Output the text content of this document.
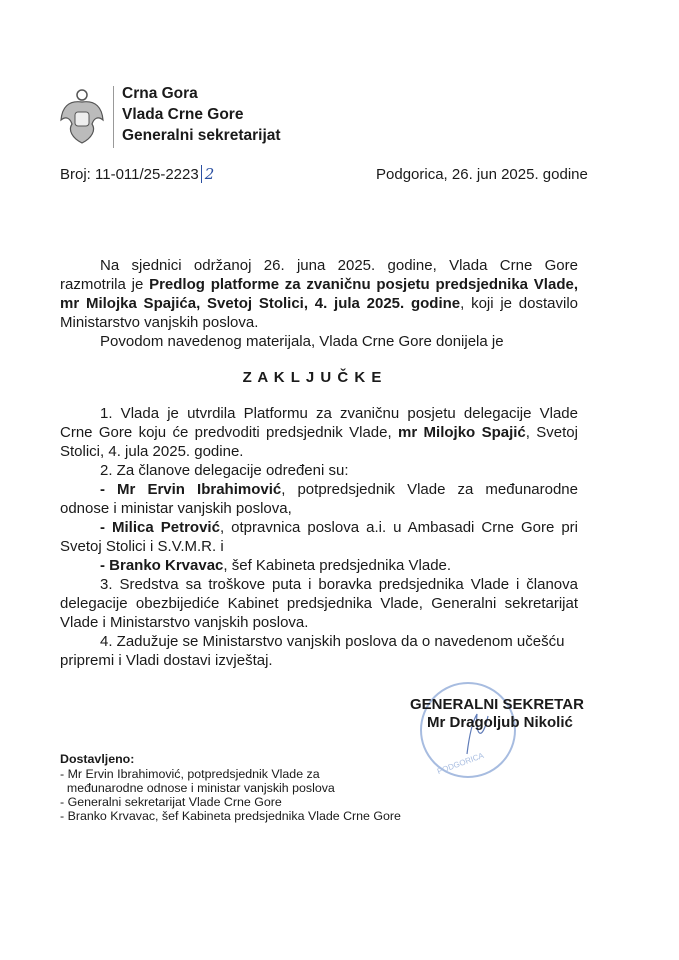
Crna Gora
Vlada Crne Gore
Generalni sekretarijat
Broj: 11-011/25-2223 2	Podgorica, 26. jun 2025. godine
Na sjednici održanoj 26. juna 2025. godine, Vlada Crne Gore
razmotrila je Predlog platforme za zvaničnu posjetu predsjednika Vlade,
mr Milojka Spajića, Svetoj Stolici, 4. jula 2025. godine, koji je dostavilo
Ministarstvo vanjskih poslova.
Povodom navedenog materijala, Vlada Crne Gore donijela je
1. Vlada je utvrdila Platformu za zvaničnu posjetu delegacije Vlade
Crne Gore koju će predvoditi predsjednik Vlade, mr Milojko Spajić, Svetoj
Stolici, 4. jula 2025. godine.
2. Za članove delegacije određeni su:
- Mr Ervin Ibrahimović, potpredsjednik Vlade za međunarodne
odnose i ministar vanjskih poslova,
- Milica Petrović, otpravnica poslova a.i. u Ambasadi Crne Gore pri
Svetoj Stolici i S.V.M.R. i
- Branko Krvavac, šef Kabineta predsjednika Vlade.
3. Sredstva sa troškove puta i boravka predsjednika Vlade i članova
delegacije obezbijediće Kabinet predsjednika Vlade, Generalni sekretarijat
Vlade i Ministarstvo vanjskih poslova.
4. Zadužuje se Ministarstvo vanjskih poslova da o navedenom učešću
pripremi i Vladi dostavi izvještaj.
Z A K L J U Č K E
PODGORICA
GENERALNI SEKRETAR
Mr Dragoljub Nikolić
Dostavljeno:
- Mr Ervin Ibrahimović, potpredsjednik Vlade za
međunarodne odnose i ministar vanjskih poslova
- Generalni sekretarijat Vlade Crne Gore
- Branko Krvavac, šef Kabineta predsjednika Vlade Crne Gore
